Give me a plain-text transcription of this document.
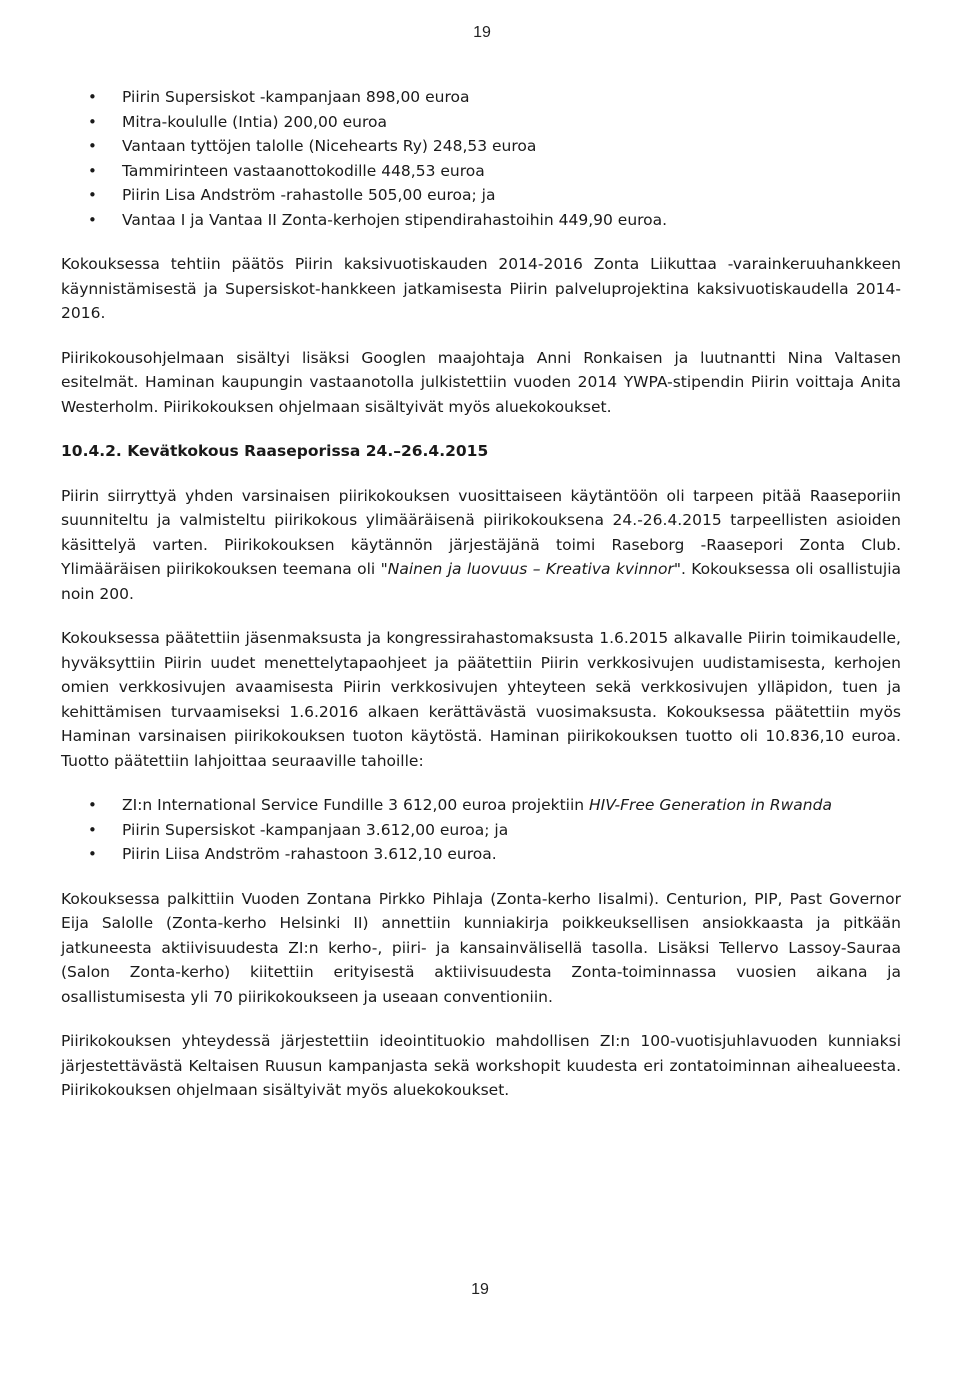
19
• Piirin Supersiskot -kampanjaan 898,00 euroa
• Mitra-koululle (Intia) 200,00 euroa
• Vantaan tyttöjen talolle (Nicehearts Ry) 248,53 euroa
• Tammirinteen vastaanottokodille 448,53 euroa
• Piirin Lisa Andström -rahastolle 505,00 euroa; ja
• Vantaa I ja Vantaa II Zonta-kerhojen stipendirahastoihin 449,90 euroa.

Kokouksessa tehtiin päätös Piirin kaksivuotiskauden 2014-2016 Zonta Liikuttaa -varainkeruuhankkeen käynnistämisestä ja Supersiskot-hankkeen jatkamisesta Piirin palveluprojektina kaksivuotiskaudella 2014-2016.

Piirikokousohjelmaan sisältyi lisäksi Googlen maajohtaja Anni Ronkaisen ja luutnantti Nina Valtasen esitelmät. Haminan kaupungin vastaanotolla julkistettiin vuoden 2014 YWPA-stipendin Piirin voittaja Anita Westerholm. Piirikokouksen ohjelmaan sisältyivät myös aluekokoukset.

10.4.2. Kevätkokous Raaseporissa 24.–26.4.2015

Piirin siirryttyä yhden varsinaisen piirikokouksen vuosittaiseen käytäntöön oli tarpeen pitää Raaseporiin suunniteltu ja valmisteltu piirikokous ylimääräisenä piirikokouksena 24.-26.4.2015 tarpeellisten asioiden käsittelyä varten. Piirikokouksen käytännön järjestäjänä toimi Raseborg -Raasepori Zonta Club. Ylimääräisen piirikokouksen teemana oli "Nainen ja luovuus – Kreativa kvinnor". Kokouksessa oli osallistujia noin 200.

Kokouksessa päätettiin jäsenmaksusta ja kongressirahastomaksusta 1.6.2015 alkavalle Piirin toimikaudelle, hyväksyttiin Piirin uudet menettelytapaohjeet ja päätettiin Piirin verkkosivujen uudistamisesta, kerhojen omien verkkosivujen avaamisesta Piirin verkkosivujen yhteyteen sekä verkkosivujen ylläpidon, tuen ja kehittämisen turvaamiseksi 1.6.2016 alkaen kerättävästä vuosimaksusta. Kokouksessa päätettiin myös Haminan varsinaisen piirikokouksen tuoton käytöstä. Haminan piirikokouksen tuotto oli 10.836,10 euroa. Tuotto päätettiin lahjoittaa seuraaville tahoille:

• ZI:n International Service Fundille 3 612,00 euroa projektiin HIV-Free Generation in Rwanda
• Piirin Supersiskot -kampanjaan 3.612,00 euroa; ja
• Piirin Liisa Andström -rahastoon 3.612,10 euroa.

Kokouksessa palkittiin Vuoden Zontana Pirkko Pihlaja (Zonta-kerho Iisalmi). Centurion, PIP, Past Governor Eija Salolle (Zonta-kerho Helsinki II) annettiin kunniakirja poikkeuksellisen ansiokkaasta ja pitkään jatkuneesta aktiivisuudesta ZI:n kerho-, piiri- ja kansainvälisellä tasolla. Lisäksi Tellervo Lassoy-Sauraa (Salon Zonta-kerho) kiitettiin erityisestä aktiivisuudesta Zonta-toiminnassa vuosien aikana ja osallistumisesta yli 70 piirikokoukseen ja useaan conventioniin.

Piirikokouksen yhteydessä järjestettiin ideointituokio mahdollisen ZI:n 100-vuotisjuhlavuoden kunniaksi järjestettävästä Keltaisen Ruusun kampanjasta sekä workshopit kuudesta eri zontatoiminnan aihealueesta. Piirikokouksen ohjelmaan sisältyivät myös aluekokoukset.

19
